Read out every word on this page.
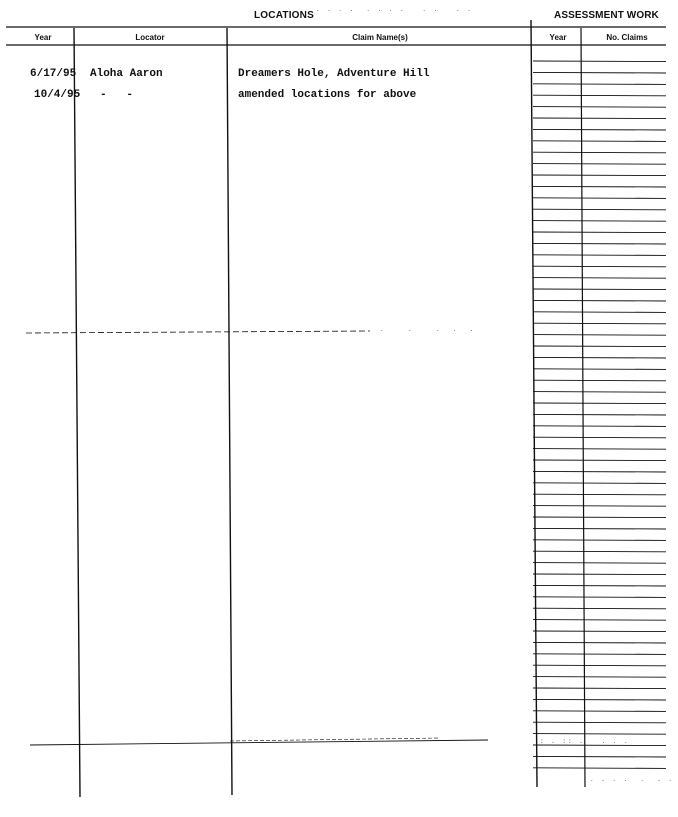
LOCATIONS	ASSESSMENT WORK
Year	Locator	Claim Name(s)	Year	No. Claims
6/17/95 Aloha Aaron	Dreamers Hole, Adventure Hill
10/4/95 -   -	amended locations for above
. . . .  . . . .   . .   . .
: . :: .   . . .
. . . .  .  . .
.    .    .  .  .
